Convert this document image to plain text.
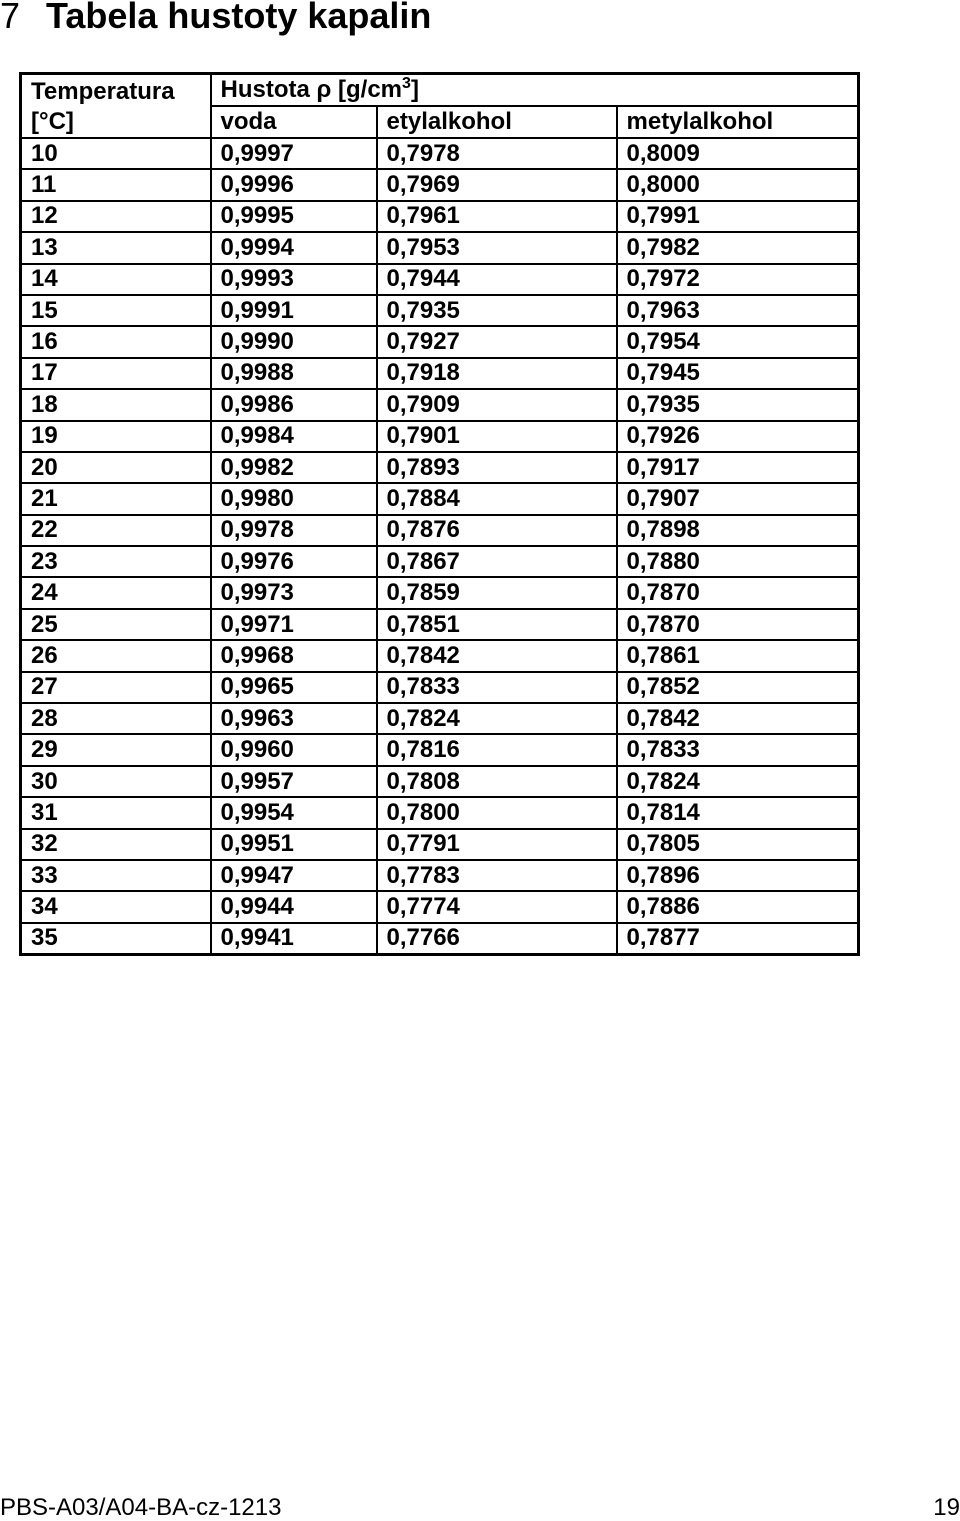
7 Tabela hustoty kapalin
Temperatura
[°C]	Hustota ρ $[g/cm^3]$		
	voda	etylalkohol	metylalkohol
10	0,9997	0,7978	0,8009
11	0,9996	0,7969	0,8000
12	0,9995	0,7961	0,7991
13	0,9994	0,7953	0,7982
14	0,9993	0,7944	0,7972
15	0,9991	0,7935	0,7963
16	0,9990	0,7927	0,7954
17	0,9988	0,7918	0,7945
18	0,9986	0,7909	0,7935
19	0,9984	0,7901	0,7926
20	0,9982	0,7893	0,7917
21	0,9980	0,7884	0,7907
22	0,9978	0,7876	0,7898
23	0,9976	0,7867	0,7880
24	0,9973	0,7859	0,7870
25	0,9971	0,7851	0,7870
26	0,9968	0,7842	0,7861
27	0,9965	0,7833	0,7852
28	0,9963	0,7824	0,7842
29	0,9960	0,7816	0,7833
30	0,9957	0,7808	0,7824
31	0,9954	0,7800	0,7814
32	0,9951	0,7791	0,7805
33	0,9947	0,7783	0,7896
34	0,9944	0,7774	0,7886
35	0,9941	0,7766	0,7877
PBS-A03/A04-BA-cz-1213	19
